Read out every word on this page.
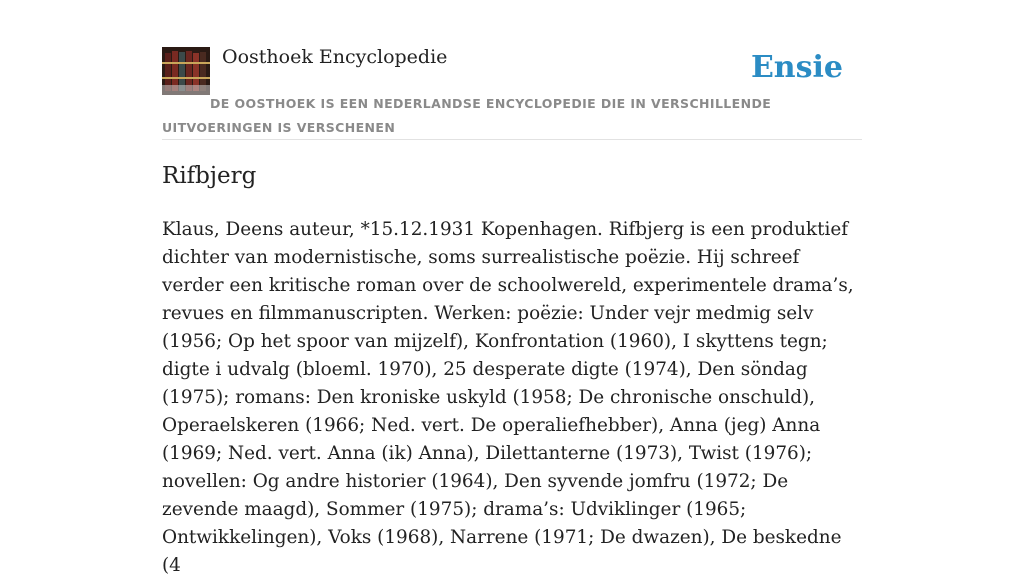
Oosthoek Encyclopedie	Ensie
DE OOSTHOEK IS EEN NEDERLANDSE ENCYCLOPEDIE DIE IN VERSCHILLENDE UITVOERINGEN IS VERSCHENEN
Rifbjerg

Klaus, Deens auteur, *15.12.1931 Kopenhagen. Rifbjerg is een produktief dichter van modernistische, soms surrealistische poëzie. Hij schreef verder een kritische roman over de schoolwereld, experimentele drama’s, revues en filmmanuscripten. Werken: poëzie: Under vejr medmig selv (1956; Op het spoor van mijzelf), Konfrontation (1960), I skyttens tegn; digte i udvalg (bloeml. 1970), 25 desperate digte (1974), Den söndag (1975); romans: Den kroniske uskyld (1958; De chronische onschuld), Operaelskeren (1966; Ned. vert. De operaliefhebber), Anna (jeg) Anna (1969; Ned. vert. Anna (ik) Anna), Dilettanterne (1973), Twist (1976); novellen: Og andre historier (1964), Den syvende jomfru (1972; De zevende maagd), Sommer (1975); drama’s: Udviklinger (1965; Ontwikkelingen), Voks (1968), Narrene (1971; De dwazen), De beskedne (4
